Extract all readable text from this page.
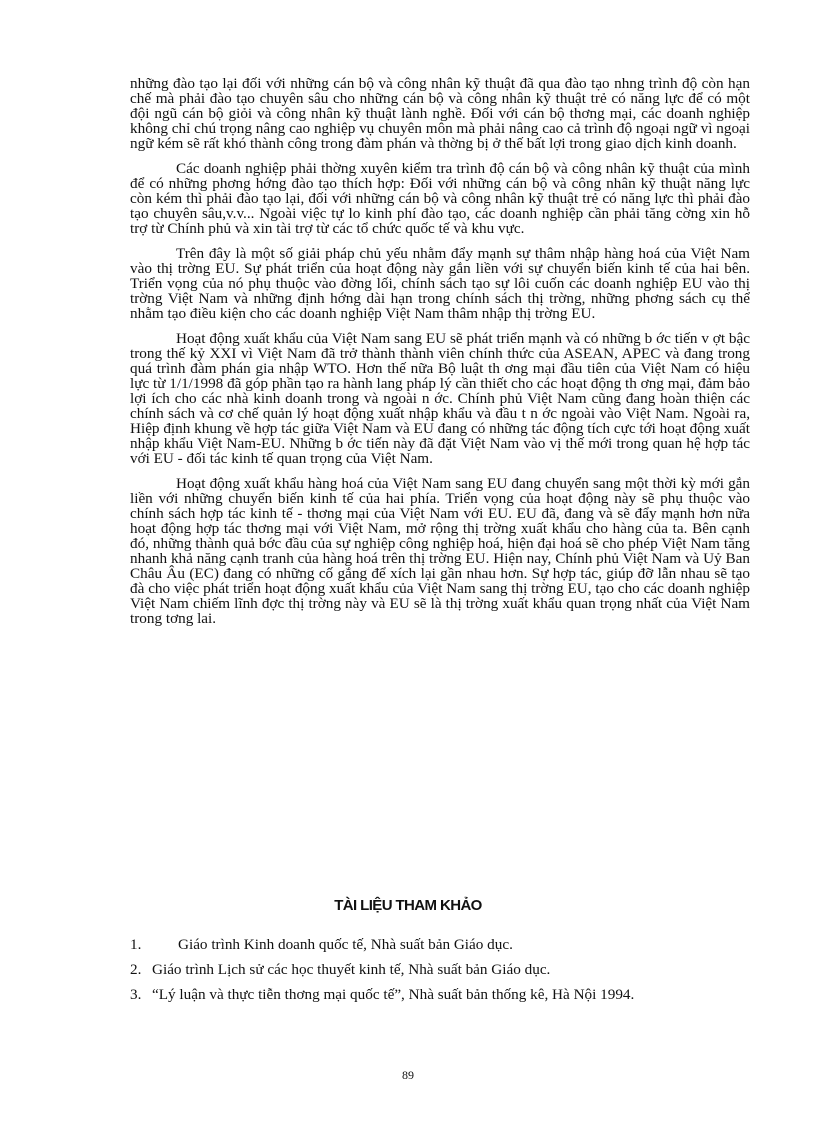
những đào tạo lại đối với những cán bộ và công nhân kỹ thuật đã qua đào tạo nhng trình độ còn hạn chế mà phải đào tạo chuyên sâu cho những cán bộ và công nhân kỹ thuật trẻ có năng lực để có một đội ngũ cán bộ giỏi và công nhân kỹ thuật lành nghề. Đối với cán bộ thơng mại, các doanh nghiệp không chỉ chú trọng nâng cao nghiệp vụ chuyên môn mà phải nâng cao cả trình độ ngoại ngữ vì ngoại ngữ kém sẽ rất khó thành công trong đàm phán và thờng bị ở thế bất lợi trong giao dịch kinh doanh.

Các doanh nghiệp phải thờng xuyên kiểm tra trình độ cán bộ và công nhân kỹ thuật của mình để có những phơng hớng đào tạo thích hợp: Đối với những cán bộ và công nhân kỹ thuật năng lực còn kém thì phải đào tạo lại, đối với những cán bộ và công nhân kỹ thuật trẻ có năng lực thì phải đào tạo chuyên sâu,v.v... Ngoài việc tự lo kinh phí đào tạo, các doanh nghiệp cần phải tăng cờng xin hỗ trợ từ Chính phủ và xin tài trợ từ các tổ chức quốc tế và khu vực.

Trên đây là một số giải pháp chủ yếu nhằm đẩy mạnh sự thâm nhập hàng hoá của Việt Nam vào thị trờng EU. Sự phát triển của hoạt động này gắn liền với sự chuyển biến kinh tế của hai bên. Triển vọng của nó phụ thuộc vào đờng lối, chính sách tạo sự lôi cuốn các doanh nghiệp EU vào thị trờng Việt Nam và những định hớng dài hạn trong chính sách thị trờng, những phơng sách cụ thể nhằm tạo điều kiện cho các doanh nghiệp Việt Nam thâm nhập thị trờng EU.

Hoạt động xuất khẩu của Việt Nam sang EU sẽ phát triển mạnh và có những b ớc tiến v ợt bậc trong thế kỷ XXI vì Việt Nam đã trở thành thành viên chính thức của ASEAN, APEC và đang trong quá trình đàm phán gia nhập WTO. Hơn thế nữa Bộ luật th ơng mại đầu tiên của Việt Nam có hiệu lực từ 1/1/1998 đã góp phần tạo ra hành lang pháp lý cần thiết cho các hoạt động th ơng mại, đảm bảo lợi ích cho các nhà kinh doanh trong và ngoài n ớc. Chính phủ Việt Nam cũng đang hoàn thiện các chính sách và cơ chế quản lý hoạt động xuất nhập khẩu và đầu t n ớc ngoài vào Việt Nam. Ngoài ra, Hiệp định khung về hợp tác giữa Việt Nam và EU đang có những tác động tích cực tới hoạt động xuất nhập khẩu Việt Nam-EU. Những b ớc tiến này đã đặt Việt Nam vào vị thế mới trong quan hệ hợp tác với EU - đối tác kinh tế quan trọng của Việt Nam.

Hoạt động xuất khẩu hàng hoá của Việt Nam sang EU đang chuyển sang một thời kỳ mới gắn liền với những chuyển biến kinh tế của hai phía. Triển vọng của hoạt động này sẽ phụ thuộc vào chính sách hợp tác kinh tế - thơng mại của Việt Nam với EU. EU đã, đang và sẽ đẩy mạnh hơn nữa hoạt động hợp tác thơng mại với Việt Nam, mở rộng thị trờng xuất khẩu cho hàng của ta. Bên cạnh đó, những thành quả bớc đầu của sự nghiệp công nghiệp hoá, hiện đại hoá sẽ cho phép Việt Nam tăng nhanh khả năng cạnh tranh của hàng hoá trên thị trờng EU. Hiện nay, Chính phủ Việt Nam và Uỷ Ban Châu Âu (EC) đang có những cố gắng để xích lại gần nhau hơn. Sự hợp tác, giúp đỡ lẫn nhau sẽ tạo đà cho việc phát triển hoạt động xuất khẩu của Việt Nam sang thị trờng EU, tạo cho các doanh nghiệp Việt Nam chiếm lĩnh đợc thị trờng này và EU sẽ là thị trờng xuất khẩu quan trọng nhất của Việt Nam trong tơng lai.

TÀI LIỆU THAM KHẢO
1.	Giáo trình Kinh doanh quốc tế, Nhà suất bản Giáo dục.
2. Giáo trình Lịch sử các học thuyết kinh tế, Nhà suất bản Giáo dục.
3. “Lý luận và thực tiễn thơng mại quốc tế”, Nhà suất bản thống kê, Hà Nội 1994.

89
